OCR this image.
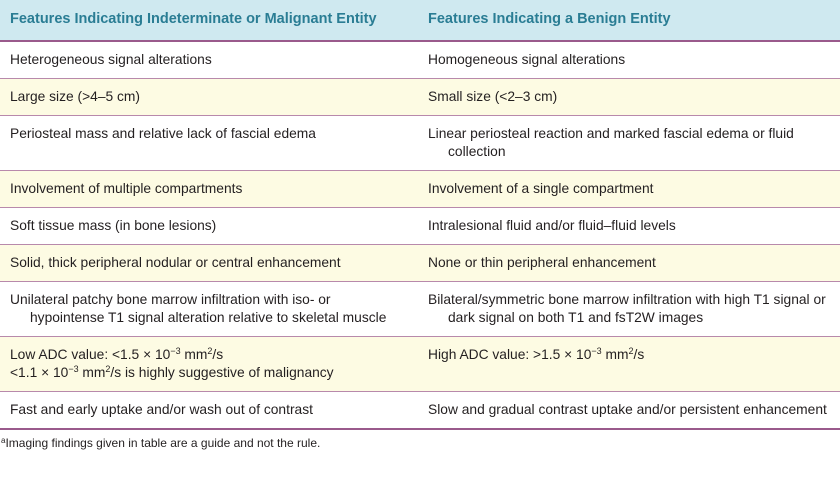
Features Indicating Indeterminate or Malignant Entity	Features Indicating a Benign Entity

Heterogeneous signal alterations	Homogeneous signal alterations

Large size (>4–5 cm)	Small size (<2–3 cm)

Periosteal mass and relative lack of fascial edema	Linear periosteal reaction and marked fascial edema or fluid collection

Involvement of multiple compartments	Involvement of a single compartment

Soft tissue mass (in bone lesions)	Intralesional fluid and/or fluid–fluid levels

Solid, thick peripheral nodular or central enhancement	None or thin peripheral enhancement

Unilateral patchy bone marrow infiltration with iso- or hypointense T1 signal alteration relative to skeletal muscle	Bilateral/symmetric bone marrow infiltration with high T1 signal or dark signal on both T1 and fsT2W images

Low ADC value: $<1.5 \times 10^{-3}$ $mm^2/s$
$<1.1 \times 10^{-3}$ $mm^2/s$ is highly suggestive of malignancy	High ADC value: $>1.5 \times 10^{-3}$ $mm^2/s$

Fast and early uptake and/or wash out of contrast	Slow and gradual contrast uptake and/or persistent enhancement
$^a$Imaging findings given in table are a guide and not the rule.
